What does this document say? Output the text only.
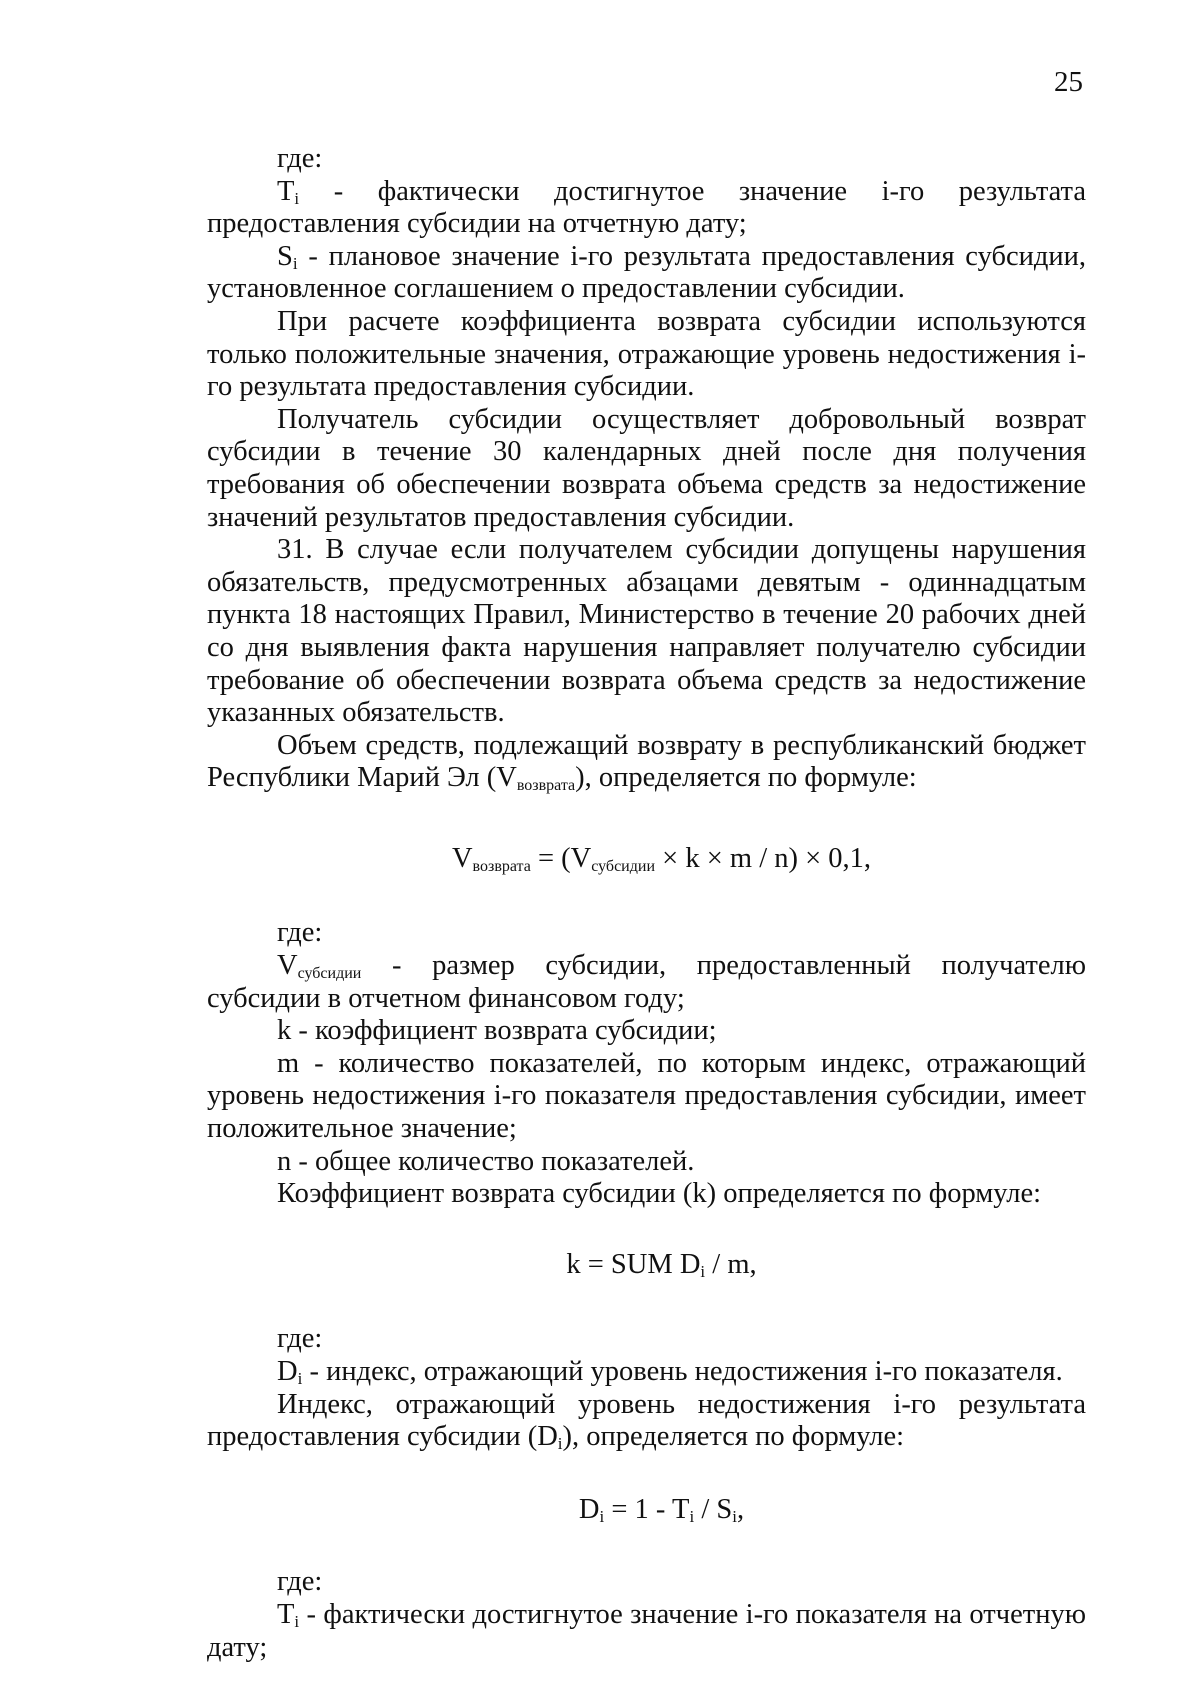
25

где:

$T_i$ - фактически достигнутое значение i-го результата предоставления субсидии на отчетную дату;

$S_i$ - плановое значение i-го результата предоставления субсидии, установленное соглашением о предоставлении субсидии.

При расчете коэффициента возврата субсидии используются только положительные значения, отражающие уровень недостижения i-го результата предоставления субсидии.

Получатель субсидии осуществляет добровольный возврат субсидии в течение 30 календарных дней после дня получения требования об обеспечении возврата объема средств за недостижение значений результатов предоставления субсидии.

31. В случае если получателем субсидии допущены нарушения обязательств, предусмотренных абзацами девятым - одиннадцатым пункта 18 настоящих Правил, Министерство в течение 20 рабочих дней со дня выявления факта нарушения направляет получателю субсидии требование об обеспечении возврата объема средств за недостижение указанных обязательств.

Объем средств, подлежащий возврату в республиканский бюджет Республики Марий Эл $(V_{возврата})$, определяется по формуле:

$V_{возврата} = (V_{субсидии} \times k \times m / n) \times 0,1$,

где:

$V_{субсидии}$ - размер субсидии, предоставленный получателю субсидии в отчетном финансовом году;

k - коэффициент возврата субсидии;

m - количество показателей, по которым индекс, отражающий уровень недостижения i-го показателя предоставления субсидии, имеет положительное значение;

n - общее количество показателей.

Коэффициент возврата субсидии (k) определяется по формуле:

k = SUM $D_i$ / m,

где:

$D_i$ - индекс, отражающий уровень недостижения i-го показателя.

Индекс, отражающий уровень недостижения i-го результата предоставления субсидии $(D_i)$, определяется по формуле:

$D_i = 1 - T_i / S_i$,

где:

$T_i$ - фактически достигнутое значение i-го показателя на отчетную дату;
